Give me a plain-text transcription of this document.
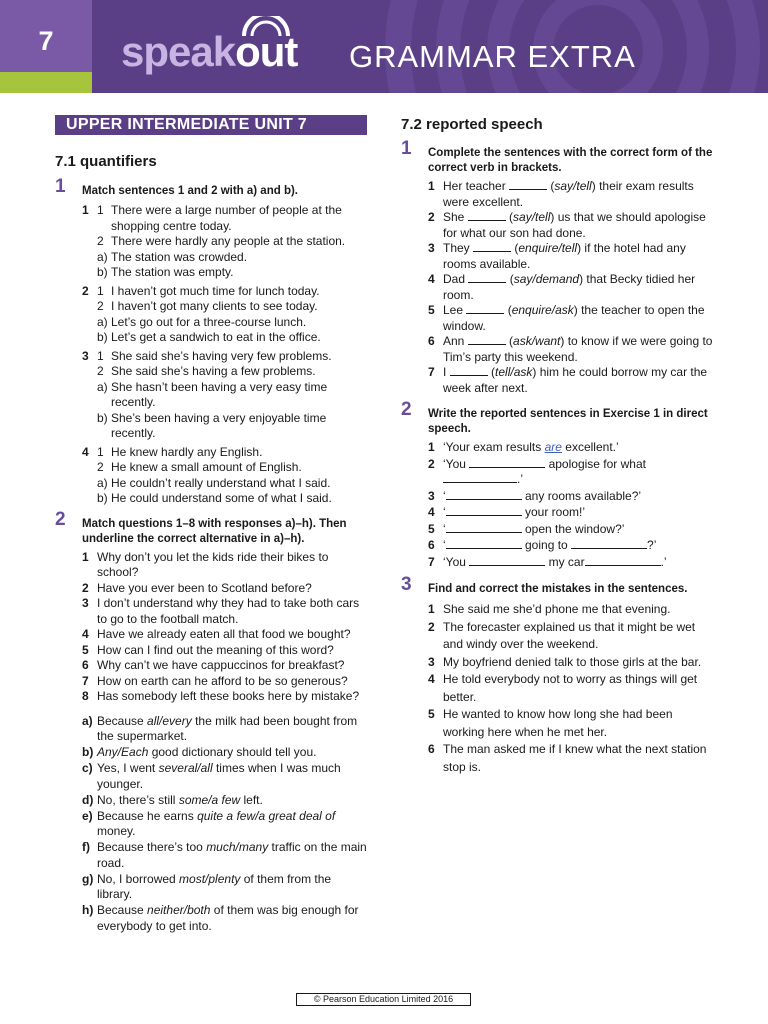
7	speakout GRAMMAR EXTRA
UPPER INTERMEDIATE UNIT 7
7.1 quantifiers
1 Match sentences 1 and 2 with a) and b).
1 1 There were a large number of people at the shopping centre today.
2 There were hardly any people at the station.
a) The station was crowded.
b) The station was empty.
2 1 I haven’t got much time for lunch today.
2 I haven’t got many clients to see today.
a) Let’s go out for a three-course lunch.
b) Let’s get a sandwich to eat in the office.
3 1 She said she’s having very few problems.
2 She said she’s having a few problems.
a) She hasn’t been having a very easy time recently.
b) She’s been having a very enjoyable time recently.
4 1 He knew hardly any English.
2 He knew a small amount of English.
a) He couldn’t really understand what I said.
b) He could understand some of what I said.
2 Match questions 1–8 with responses a)–h). Then underline the correct alternative in a)–h).
1 Why don’t you let the kids ride their bikes to school?
2 Have you ever been to Scotland before?
3 I don’t understand why they had to take both cars to go to the football match.
4 Have we already eaten all that food we bought?
5 How can I find out the meaning of this word?
6 Why can’t we have cappuccinos for breakfast?
7 How on earth can he afford to be so generous?
8 Has somebody left these books here by mistake?
a) Because all/every the milk had been bought from the supermarket.
b) Any/Each good dictionary should tell you.
c) Yes, I went several/all times when I was much younger.
d) No, there’s still some/a few left.
e) Because he earns quite a few/a great deal of money.
f) Because there’s too much/many traffic on the main road.
g) No, I borrowed most/plenty of them from the library.
h) Because neither/both of them was big enough for everybody to get into.
7.2 reported speech
1 Complete the sentences with the correct form of the correct verb in brackets.
1 Her teacher	(say/tell) their exam results were excellent.
2 She	(say/tell) us that we should apologise for what our son had done.
3 They	(enquire/tell) if the hotel had any rooms available.
4 Dad	(say/demand) that Becky tidied her room.
5 Lee	(enquire/ask) the teacher to open the window.
6 Ann	(ask/want) to know if we were going to Tim’s party this weekend.
7 I	(tell/ask) him he could borrow my car the week after next.
2 Write the reported sentences in Exercise 1 in direct speech.
1 ‘Your exam results are excellent.’
2 ‘You	apologise for what
.’
3 ‘	any rooms available?’
4 ‘	your room!’
5 ‘	open the window?’
6 ‘	going to	?’
7 ‘You	my car	.’
3 Find and correct the mistakes in the sentences.
1 She said me she’d phone me that evening.
2 The forecaster explained us that it might be wet and windy over the weekend.
3 My boyfriend denied talk to those girls at the bar.
4 He told everybody not to worry as things will get better.
5 He wanted to know how long she had been working here when he met her.
6 The man asked me if I knew what the next station stop is.
© Pearson Education Limited 2016
